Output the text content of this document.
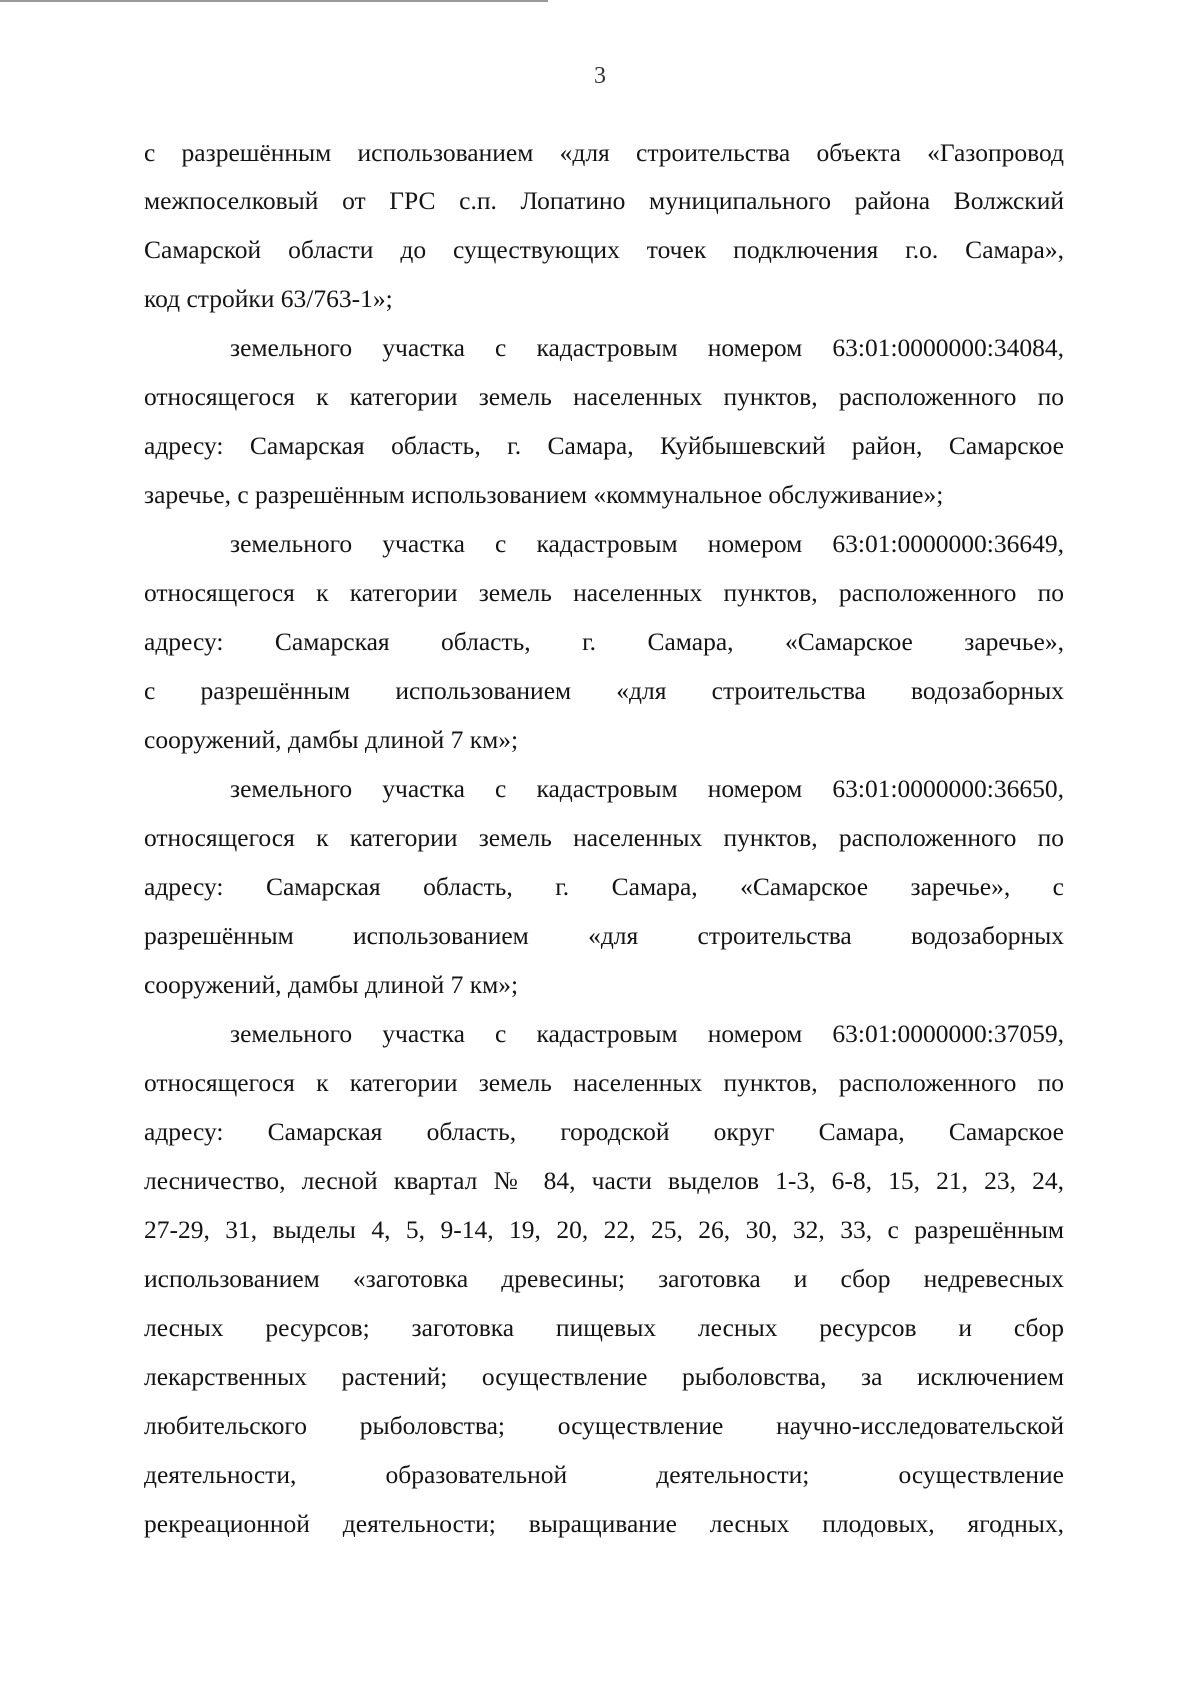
3
с разрешённым использованием «для строительства объекта «Газопровод
межпоселковый от ГРС с.п. Лопатино муниципального района Волжский
Самарской области до существующих точек подключения г.о. Самара»,
код стройки 63/763-1»;
земельного участка с кадастровым номером 63:01:0000000:34084,
относящегося к категории земель населенных пунктов, расположенного по
адресу: Самарская область, г. Самара, Куйбышевский район, Самарское
заречье, с разрешённым использованием «коммунальное обслуживание»;
земельного участка с кадастровым номером 63:01:0000000:36649,
относящегося к категории земель населенных пунктов, расположенного по
адресу: Самарская область, г. Самара, «Самарское заречье»,
с разрешённым использованием «для строительства водозаборных
сооружений, дамбы длиной 7 км»;
земельного участка с кадастровым номером 63:01:0000000:36650,
относящегося к категории земель населенных пунктов, расположенного по
адресу: Самарская область, г. Самара, «Самарское заречье», с
разрешённым использованием «для строительства водозаборных
сооружений, дамбы длиной 7 км»;
земельного участка с кадастровым номером 63:01:0000000:37059,
относящегося к категории земель населенных пунктов, расположенного по
адресу: Самарская область, городской округ Самара, Самарское
лесничество, лесной квартал № 84, части выделов 1-3, 6-8, 15, 21, 23, 24,
27-29, 31, выделы 4, 5, 9-14, 19, 20, 22, 25, 26, 30, 32, 33, с разрешённым
использованием «заготовка древесины; заготовка и сбор недревесных
лесных ресурсов; заготовка пищевых лесных ресурсов и сбор
лекарственных растений; осуществление рыболовства, за исключением
любительского рыболовства; осуществление научно-исследовательской
деятельности, образовательной деятельности; осуществление
рекреационной деятельности; выращивание лесных плодовых, ягодных,
